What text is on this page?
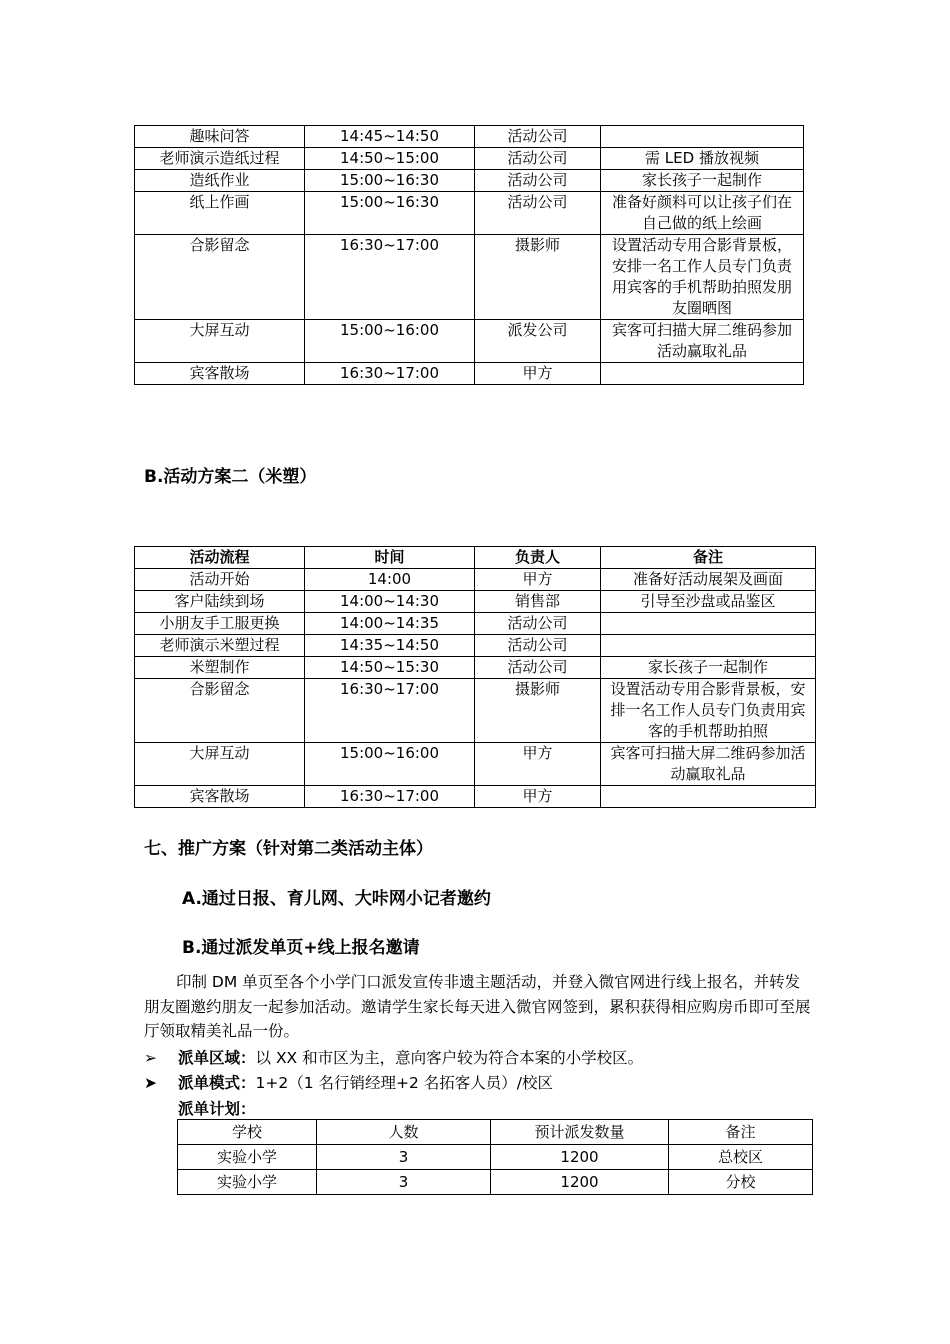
趣味问答	14:45~14:50	活动公司	
老师演示造纸过程	14:50~15:00	活动公司	需 LED 播放视频
造纸作业	15:00~16:30	活动公司	家长孩子一起制作
纸上作画	15:00~16:30	活动公司	准备好颜料可以让孩子们在自己做的纸上绘画
合影留念	16:30~17:00	摄影师	设置活动专用合影背景板，安排一名工作人员专门负责用宾客的手机帮助拍照发朋友圈晒图
大屏互动	15:00~16:00	派发公司	宾客可扫描大屏二维码参加活动赢取礼品
宾客散场	16:30~17:00	甲方	
B.活动方案二（米塑）
活动流程	时间	负责人	备注
活动开始	14:00	甲方	准备好活动展架及画面
客户陆续到场	14:00~14:30	销售部	引导至沙盘或品鉴区
小朋友手工服更换	14:00~14:35	活动公司	
老师演示米塑过程	14:35~14:50	活动公司	
米塑制作	14:50~15:30	活动公司	家长孩子一起制作
合影留念	16:30~17:00	摄影师	设置活动专用合影背景板，安排一名工作人员专门负责用宾客的手机帮助拍照
大屏互动	15:00~16:00	甲方	宾客可扫描大屏二维码参加活动赢取礼品
宾客散场	16:30~17:00	甲方	
七、推广方案（针对第二类活动主体）
A.通过日报、育儿网、大咔网小记者邀约
B.通过派发单页+线上报名邀请

印制 DM 单页至各个小学门口派发宣传非遗主题活动，并登入微官网进行线上报名，并转发朋友圈邀约朋友一起参加活动。邀请学生家长每天进入微官网签到，累积获得相应购房币即可至展厅领取精美礼品一份。

➢ 派单区域：以 XX 和市区为主，意向客户较为符合本案的小学校区。
➤ 派单模式：1+2（1 名行销经理+2 名拓客人员）/校区
派单计划：
学校	人数	预计派发数量	备注
实验小学	3	1200	总校区
实验小学	3	1200	分校
